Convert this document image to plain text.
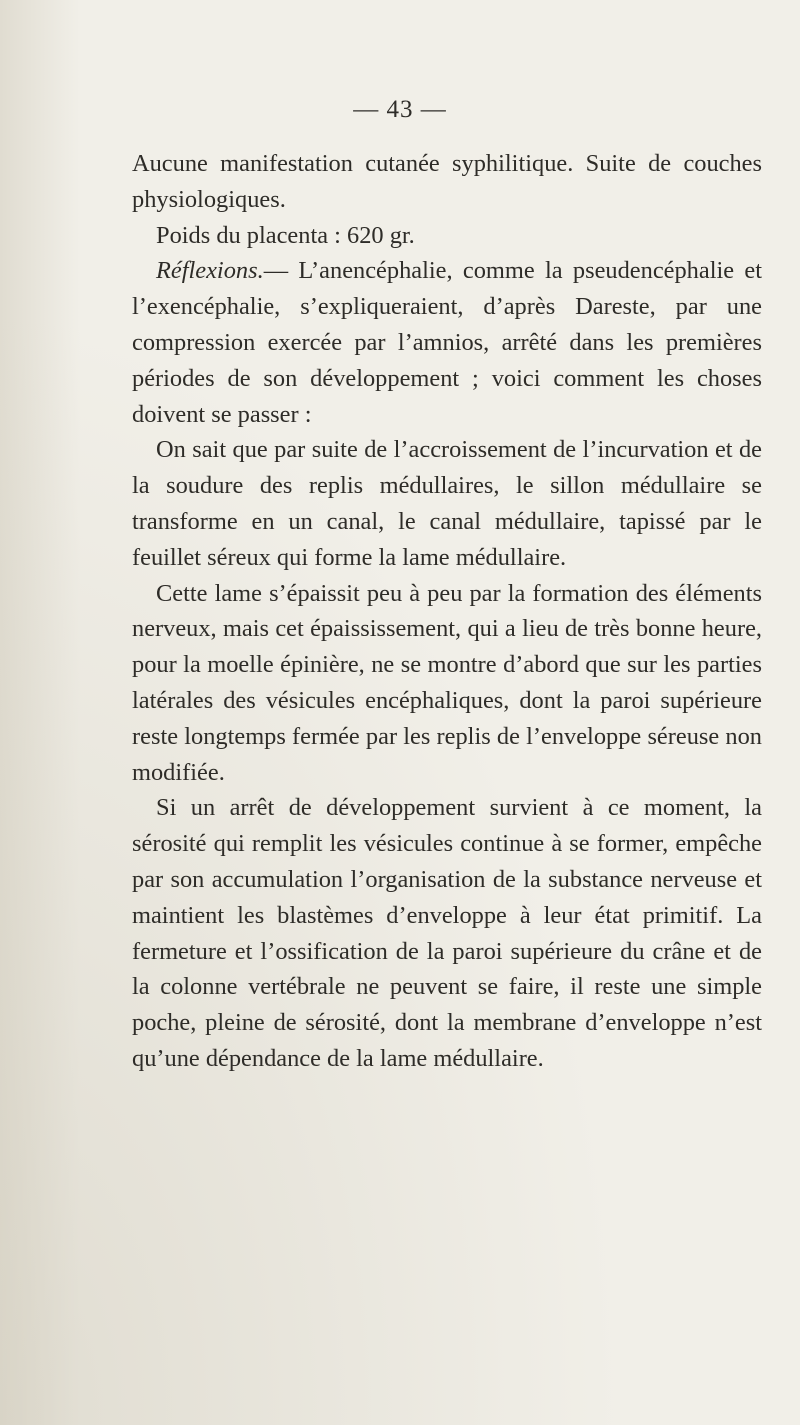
— 43 —

Aucune manifestation cutanée syphilitique. Suite de couches physiologiques.

Poids du placenta : 620 gr.

Réflexions.— L’anencéphalie, comme la pseudencéphalie et l’exencéphalie, s’expliqueraient, d’après Dareste, par une compression exercée par l’amnios, arrêté dans les premières périodes de son développement ; voici comment les choses doivent se passer :

On sait que par suite de l’accroissement de l’incurvation et de la soudure des replis médullaires, le sillon médullaire se transforme en un canal, le canal médullaire, tapissé par le feuillet séreux qui forme la lame médullaire.

Cette lame s’épaissit peu à peu par la formation des éléments nerveux, mais cet épaississement, qui a lieu de très bonne heure, pour la moelle épinière, ne se montre d’abord que sur les parties latérales des vésicules encéphaliques, dont la paroi supérieure reste longtemps fermée par les replis de l’enveloppe séreuse non modifiée.

Si un arrêt de développement survient à ce moment, la sérosité qui remplit les vésicules continue à se former, empêche par son accumulation l’organisation de la substance nerveuse et maintient les blastèmes d’enveloppe à leur état primitif. La fermeture et l’ossification de la paroi supérieure du crâne et de la colonne vertébrale ne peuvent se faire, il reste une simple poche, pleine de sérosité, dont la membrane d’enveloppe n’est qu’une dépendance de la lame médullaire.
